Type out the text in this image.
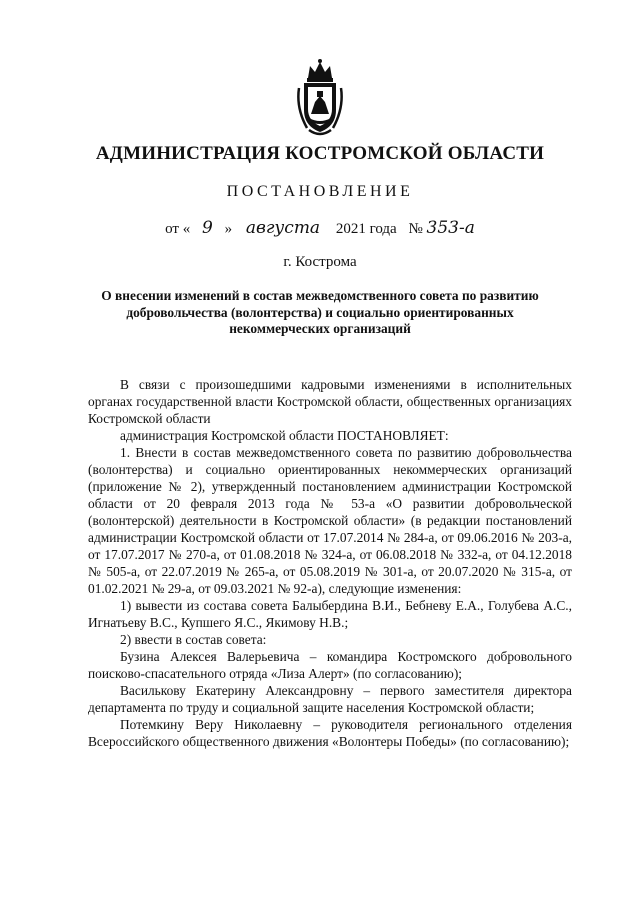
АДМИНИСТРАЦИЯ КОСТРОМСКОЙ ОБЛАСТИ
ПОСТАНОВЛЕНИЕ
от « 9 » августа 2021 года № 353-а
г. Кострома
О внесении изменений в состав межведомственного совета по развитию добровольчества (волонтерства) и социально ориентированных некоммерческих организаций

В связи с произошедшими кадровыми изменениями в исполнительных органах государственной власти Костромской области, общественных организациях Костромской области

администрация Костромской области ПОСТАНОВЛЯЕТ:

1. Внести в состав межведомственного совета по развитию добровольчества (волонтерства) и социально ориентированных некоммерческих организаций (приложение № 2), утвержденный постановлением администрации Костромской области от 20 февраля 2013 года № 53-а «О развитии добровольческой (волонтерской) деятельности в Костромской области» (в редакции постановлений администрации Костромской области от 17.07.2014 № 284-а, от 09.06.2016 № 203-а, от 17.07.2017 № 270-а, от 01.08.2018 № 324-а, от 06.08.2018 № 332-а, от 04.12.2018 № 505-а, от 22.07.2019 № 265-а, от 05.08.2019 № 301-а, от 20.07.2020 № 315-а, от 01.02.2021 № 29-а, от 09.03.2021 № 92-а), следующие изменения:

1) вывести из состава совета Балыбердина В.И., Бебневу Е.А., Голубева А.С., Игнатьеву В.С., Купшего Я.С., Якимову Н.В.;

2) ввести в состав совета:

Бузина Алексея Валерьевича – командира Костромского добровольного поисково-спасательного отряда «Лиза Алерт» (по согласованию);

Василькову Екатерину Александровну – первого заместителя директора департамента по труду и социальной защите населения Костромской области;

Потемкину Веру Николаевну – руководителя регионального отделения Всероссийского общественного движения «Волонтеры Победы» (по согласованию);
